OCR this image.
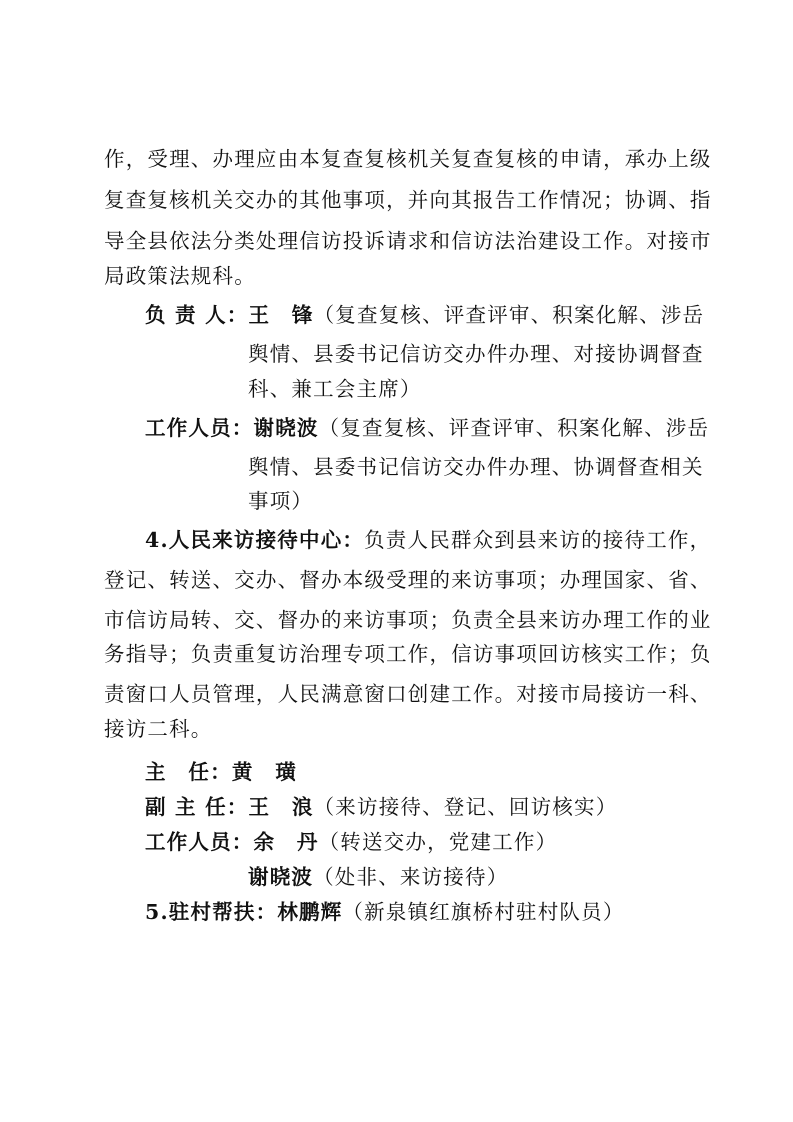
作，受理、办理应由本复查复核机关复查复核的申请，承办上级
复查复核机关交办的其他事项，并向其报告工作情况；协调、指
导全县依法分类处理信访投诉请求和信访法治建设工作。对接市
局政策法规科。
负 责 人：王　锋（复查复核、评查评审、积案化解、涉岳
舆情、县委书记信访交办件办理、对接协调督查
科、兼工会主席）
工作人员：谢晓波（复查复核、评查评审、积案化解、涉岳
舆情、县委书记信访交办件办理、协调督查相关
事项）
4.人民来访接待中心：负责人民群众到县来访的接待工作，
登记、转送、交办、督办本级受理的来访事项；办理国家、省、
市信访局转、交、督办的来访事项；负责全县来访办理工作的业
务指导；负责重复访治理专项工作，信访事项回访核实工作；负
责窗口人员管理，人民满意窗口创建工作。对接市局接访一科、
接访二科。
主　任：黄　璜
副 主 任：王　浪（来访接待、登记、回访核实）
工作人员：余　丹（转送交办，党建工作）
谢晓波（处非、来访接待）
5.驻村帮扶：林鹏辉（新泉镇红旗桥村驻村队员）
